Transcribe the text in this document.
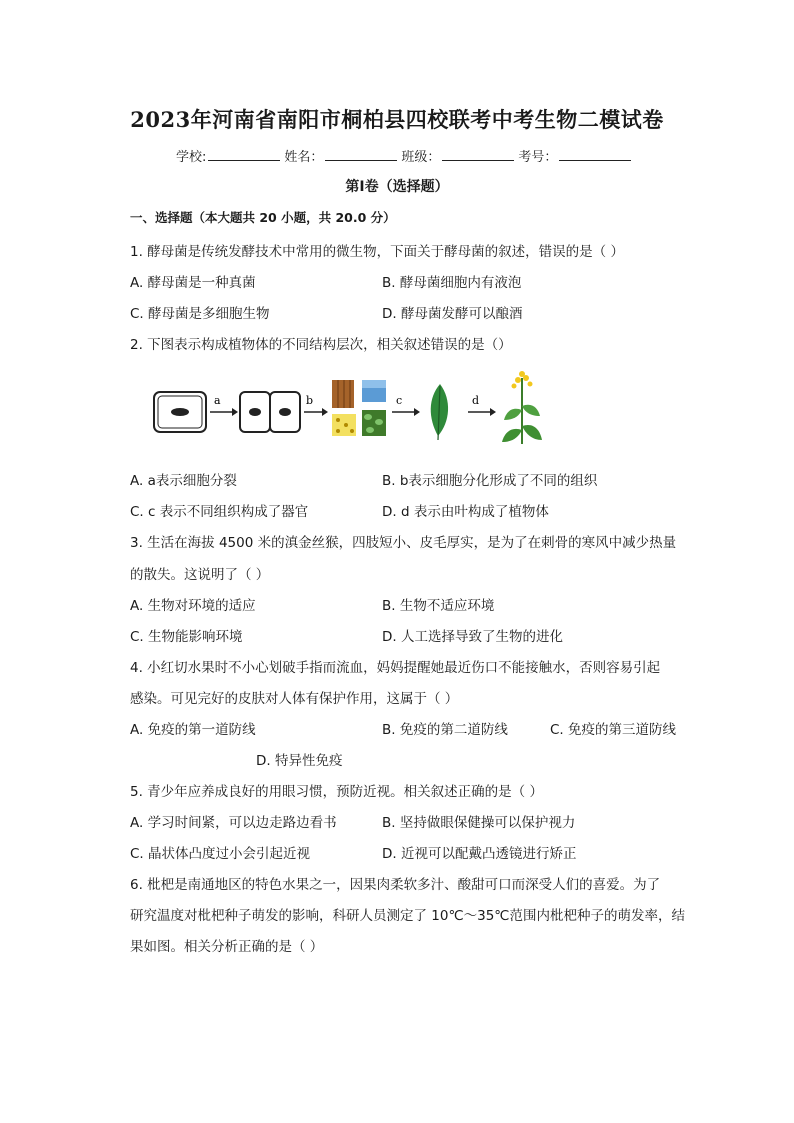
2023年河南省南阳市桐柏县四校联考中考生物二模试卷
学校:	姓名：	班级：	考号：
第I卷（选择题）
一、选择题（本大题共 20 小题，共 20.0 分）
1. 酵母菌是传统发酵技术中常用的微生物，下面关于酵母菌的叙述，错误的是（ ）
A. 酵母菌是一种真菌	B. 酵母菌细胞内有液泡
C. 酵母菌是多细胞生物	D. 酵母菌发酵可以酿酒
2. 下图表示构成植物体的不同结构层次，相关叙述错误的是（）
a	b	c	d
A. a表示细胞分裂	B. b表示细胞分化形成了不同的组织
C. c 表示不同组织构成了器官	D. d 表示由叶构成了植物体
3. 生活在海拔 4500 米的滇金丝猴，四肢短小、皮毛厚实，是为了在刺骨的寒风中减少热量
的散失。这说明了（ ）
A. 生物对环境的适应	B. 生物不适应环境
C. 生物能影响环境	D. 人工选择导致了生物的进化
4. 小红切水果时不小心划破手指而流血，妈妈提醒她最近伤口不能接触水，否则容易引起
感染。可见完好的皮肤对人体有保护作用，这属于（ ）
A. 免疫的第一道防线	B. 免疫的第二道防线	C. 免疫的第三道防线
D. 特异性免疫
5. 青少年应养成良好的用眼习惯，预防近视。相关叙述正确的是（ ）
A. 学习时间紧，可以边走路边看书	B. 坚持做眼保健操可以保护视力
C. 晶状体凸度过小会引起近视	D. 近视可以配戴凸透镜进行矫正
6. 枇杷是南通地区的特色水果之一，因果肉柔软多汁、酸甜可口而深受人们的喜爱。为了
研究温度对枇杷种子萌发的影响，科研人员测定了 10℃～35℃范围内枇杷种子的萌发率，结
果如图。相关分析正确的是（ ）
